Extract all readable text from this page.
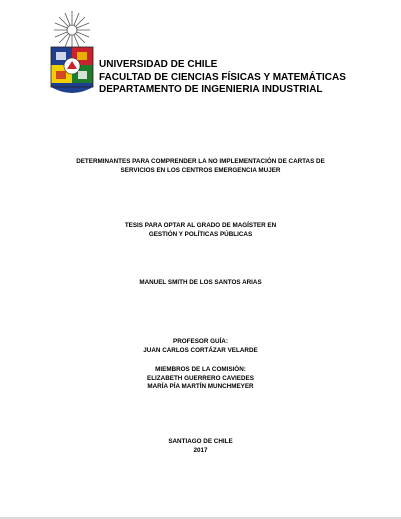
UNIVERSIDAD DE CHILE
FACULTAD DE CIENCIAS FÍSICAS Y MATEMÁTICAS
DEPARTAMENTO DE INGENIERIA INDUSTRIAL
DETERMINANTES PARA COMPRENDER LA NO IMPLEMENTACIÓN DE CARTAS DE
SERVICIOS EN LOS CENTROS EMERGENCIA MUJER
TESIS PARA OPTAR AL GRADO DE MAGÍSTER EN
GESTIÓN Y POLÍTICAS PÚBLICAS
MANUEL SMITH DE LOS SANTOS ARIAS
PROFESOR GUÍA:
JUAN CARLOS CORTÁZAR VELARDE
MIEMBROS DE LA COMISIÓN:
ELIZABETH GUERRERO CAVIEDES
MARÍA PÍA MARTÍN MUNCHMEYER
SANTIAGO DE CHILE
2017
